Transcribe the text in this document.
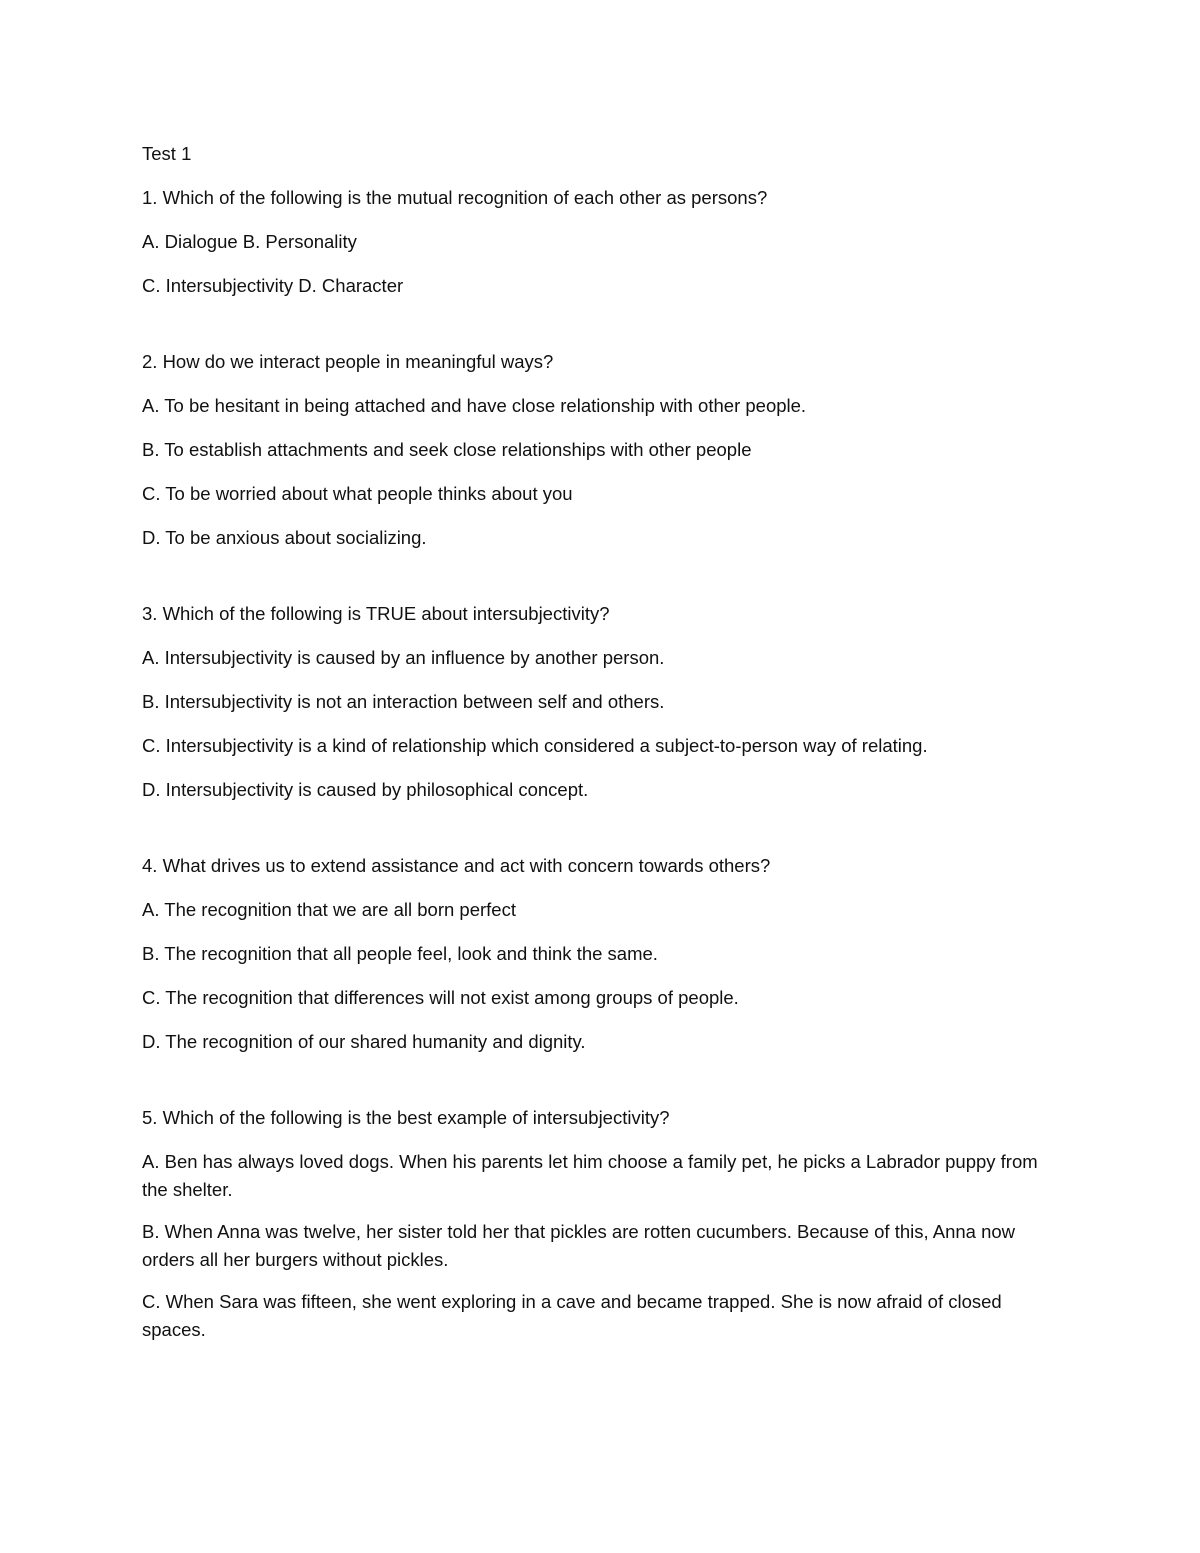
Test 1

1. Which of the following is the mutual recognition of each other as persons?

A. Dialogue B. Personality

C. Intersubjectivity D. Character

2. How do we interact people in meaningful ways?

A. To be hesitant in being attached and have close relationship with other people.

B. To establish attachments and seek close relationships with other people

C. To be worried about what people thinks about you

D. To be anxious about socializing.

3. Which of the following is TRUE about intersubjectivity?

A. Intersubjectivity is caused by an influence by another person.

B. Intersubjectivity is not an interaction between self and others.

C. Intersubjectivity is a kind of relationship which considered a subject-to-person way of relating.

D. Intersubjectivity is caused by philosophical concept.

4. What drives us to extend assistance and act with concern towards others?

A. The recognition that we are all born perfect

B. The recognition that all people feel, look and think the same.

C. The recognition that differences will not exist among groups of people.

D. The recognition of our shared humanity and dignity.

5. Which of the following is the best example of intersubjectivity?

A. Ben has always loved dogs. When his parents let him choose a family pet, he picks a Labrador puppy from the shelter.

B. When Anna was twelve, her sister told her that pickles are rotten cucumbers. Because of this, Anna now orders all her burgers without pickles.

C. When Sara was fifteen, she went exploring in a cave and became trapped. She is now afraid of closed spaces.
